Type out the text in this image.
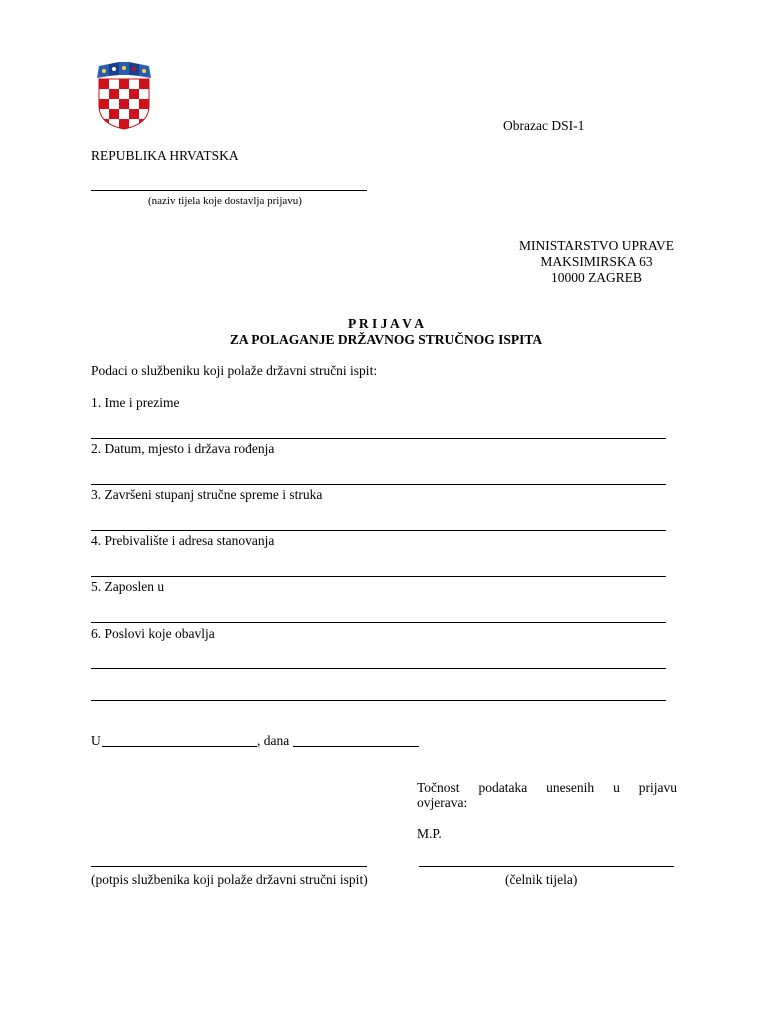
Obrazac DSI-1
REPUBLIKA HRVATSKA
(naziv tijela koje dostavlja prijavu)
MINISTARSTVO UPRAVE
MAKSIMIRSKA 63
10000 ZAGREB
P R I J A V A
ZA POLAGANJE DRŽAVNOG STRUČNOG ISPITA
Podaci o službeniku koji polaže državni stručni ispit:
1. Ime i prezime
2. Datum, mjesto i država rođenja
3. Završeni stupanj stručne spreme i struka
4. Prebivalište i adresa stanovanja
5. Zaposlen u
6. Poslovi koje obavlja
U	, dana
Točnost podataka unesenih u prijavu
ovjerava:
M.P.
(potpis službenika koji polaže državni stručni ispit)	(čelnik tijela)
